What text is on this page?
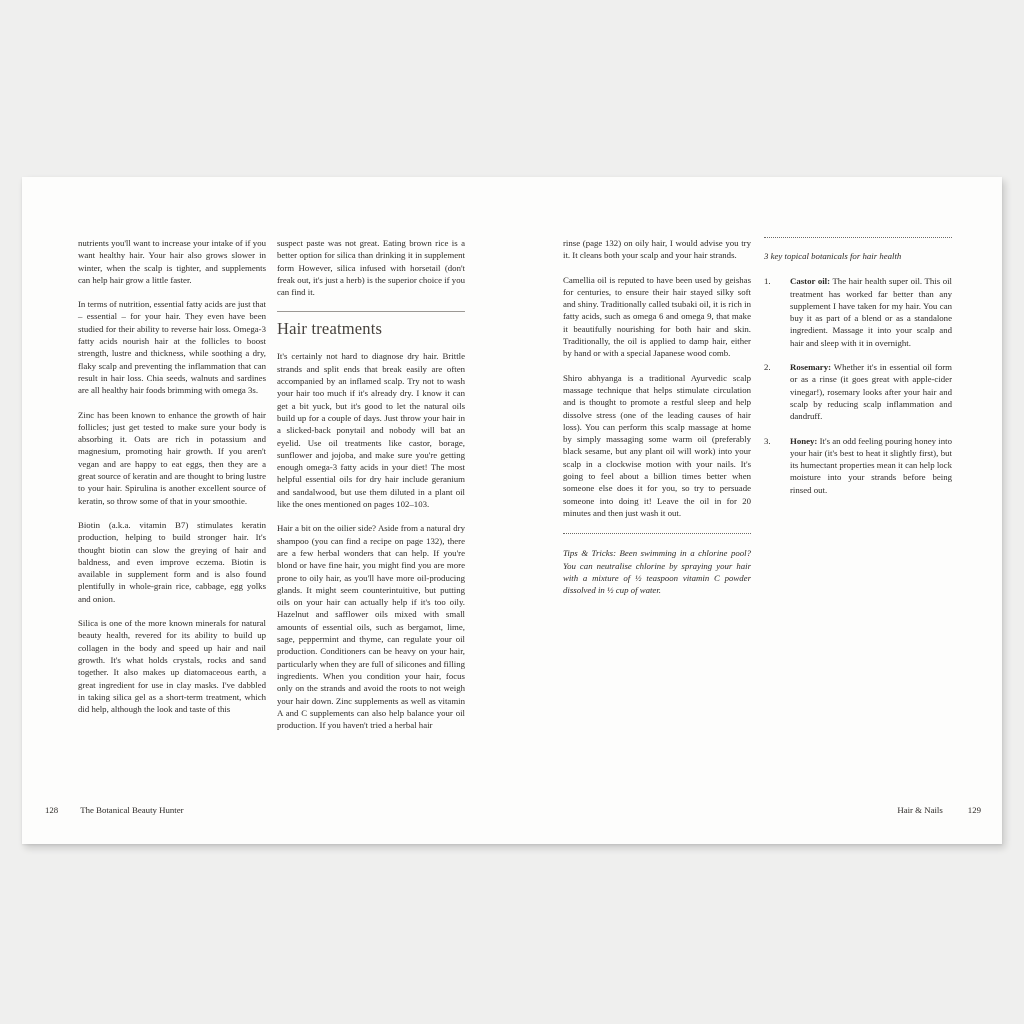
nutrients you'll want to increase your intake of if you want healthy hair. Your hair also grows slower in winter, when the scalp is tighter, and supplements can help hair grow a little faster.

In terms of nutrition, essential fatty acids are just that – essential – for your hair. They even have been studied for their ability to reverse hair loss. Omega-3 fatty acids nourish hair at the follicles to boost strength, lustre and thickness, while soothing a dry, flaky scalp and preventing the inflammation that can result in hair loss. Chia seeds, walnuts and sardines are all healthy hair foods brimming with omega 3s.

Zinc has been known to enhance the growth of hair follicles; just get tested to make sure your body is absorbing it. Oats are rich in potassium and magnesium, promoting hair growth. If you aren't vegan and are happy to eat eggs, then they are a great source of keratin and are thought to bring lustre to your hair. Spirulina is another excellent source of keratin, so throw some of that in your smoothie.

Biotin (a.k.a. vitamin B7) stimulates keratin production, helping to build stronger hair. It's thought biotin can slow the greying of hair and baldness, and even improve eczema. Biotin is available in supplement form and is also found plentifully in whole-grain rice, cabbage, egg yolks and onion.

Silica is one of the more known minerals for natural beauty health, revered for its ability to build up collagen in the body and speed up hair and nail growth. It's what holds crystals, rocks and sand together. It also makes up diatomaceous earth, a great ingredient for use in clay masks. I've dabbled in taking silica gel as a short-term treatment, which did help, although the look and taste of this

suspect paste was not great. Eating brown rice is a better option for silica than drinking it in supplement form However, silica infused with horsetail (don't freak out, it's just a herb) is the superior choice if you can find it.

Hair treatments

It's certainly not hard to diagnose dry hair. Brittle strands and split ends that break easily are often accompanied by an inflamed scalp. Try not to wash your hair too much if it's already dry. I know it can get a bit yuck, but it's good to let the natural oils build up for a couple of days. Just throw your hair in a slicked-back ponytail and nobody will bat an eyelid. Use oil treatments like castor, borage, sunflower and jojoba, and make sure you're getting enough omega-3 fatty acids in your diet! The most helpful essential oils for dry hair include geranium and sandalwood, but use them diluted in a plant oil like the ones mentioned on pages 102–103.

Hair a bit on the oilier side? Aside from a natural dry shampoo (you can find a recipe on page 132), there are a few herbal wonders that can help. If you're blond or have fine hair, you might find you are more prone to oily hair, as you'll have more oil-producing glands. It might seem counterintuitive, but putting oils on your hair can actually help if it's too oily. Hazelnut and safflower oils mixed with small amounts of essential oils, such as bergamot, lime, sage, peppermint and thyme, can regulate your oil production. Conditioners can be heavy on your hair, particularly when they are full of silicones and filling ingredients. When you condition your hair, focus only on the strands and avoid the roots to not weigh your hair down. Zinc supplements as well as vitamin A and C supplements can also help balance your oil production. If you haven't tried a herbal hair

rinse (page 132) on oily hair, I would advise you try it. It cleans both your scalp and your hair strands.

Camellia oil is reputed to have been used by geishas for centuries, to ensure their hair stayed silky soft and shiny. Traditionally called tsubaki oil, it is rich in fatty acids, such as omega 6 and omega 9, that make it beautifully nourishing for both hair and skin. Traditionally, the oil is applied to damp hair, either by hand or with a special Japanese wood comb.

Shiro abhyanga is a traditional Ayurvedic scalp massage technique that helps stimulate circulation and is thought to promote a restful sleep and help dissolve stress (one of the leading causes of hair loss). You can perform this scalp massage at home by simply massaging some warm oil (preferably black sesame, but any plant oil will work) into your scalp in a clockwise motion with your nails. It's going to feel about a billion times better when someone else does it for you, so try to persuade someone into doing it! Leave the oil in for 20 minutes and then just wash it out.

Tips & Tricks: Been swimming in a chlorine pool? You can neutralise chlorine by spraying your hair with a mixture of ½ teaspoon vitamin C powder dissolved in ½ cup of water.

3 key topical botanicals for hair health

1.	Castor oil: The hair health super oil. This oil treatment has worked far better than any supplement I have taken for my hair. You can buy it as part of a blend or as a standalone ingredient. Massage it into your scalp and hair and sleep with it in overnight.
2.	Rosemary: Whether it's in essential oil form or as a rinse (it goes great with apple-cider vinegar!), rosemary looks after your hair and scalp by reducing scalp inflammation and dandruff.
3.	Honey: It's an odd feeling pouring honey into your hair (it's best to heat it slightly first), but its humectant properties mean it can help lock moisture into your strands before being rinsed out.
128	The Botanical Beauty Hunter	Hair & Nails	129
